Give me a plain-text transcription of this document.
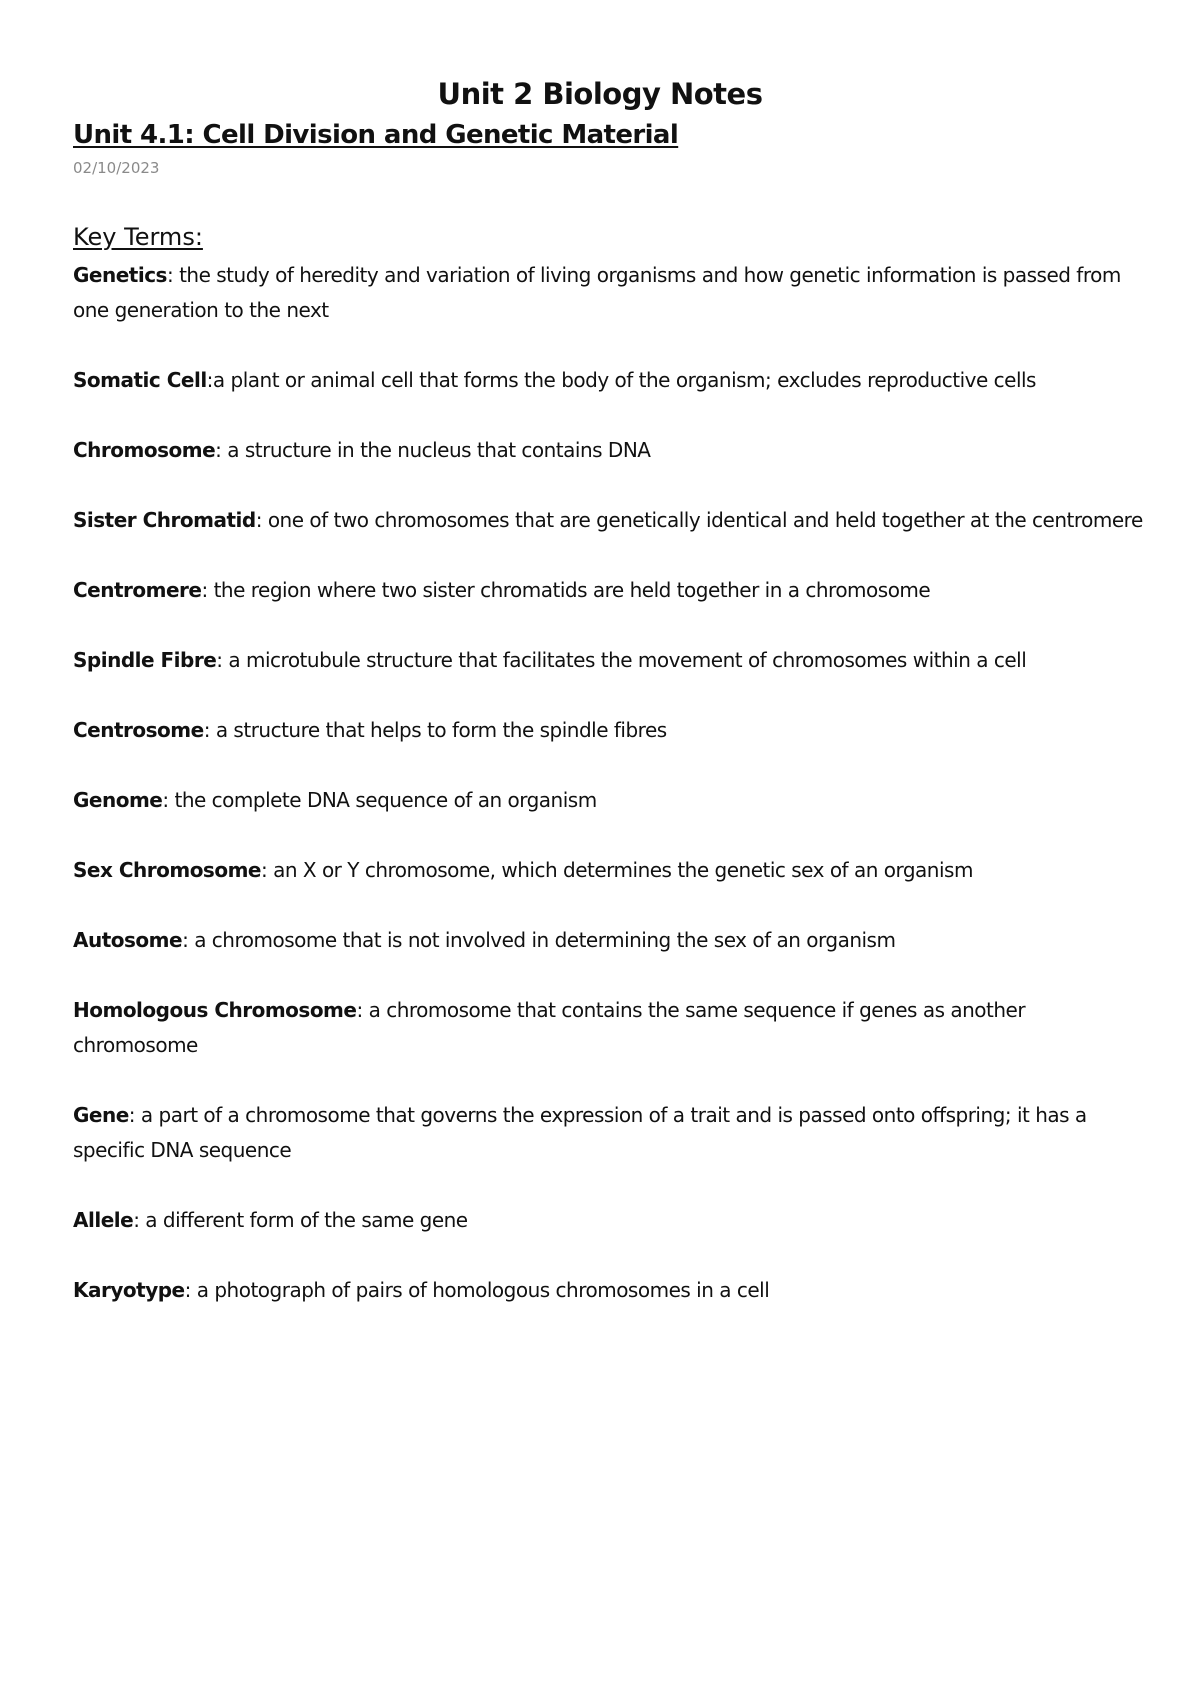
Unit 2 Biology Notes
Unit 4.1: Cell Division and Genetic Material

02/10/2023

Key Terms:
Genetics: the study of heredity and variation of living organisms and how genetic information is passed from one generation to the next
Somatic Cell:a plant or animal cell that forms the body of the organism; excludes reproductive cells
Chromosome: a structure in the nucleus that contains DNA
Sister Chromatid: one of two chromosomes that are genetically identical and held together at the centromere
Centromere: the region where two sister chromatids are held together in a chromosome
Spindle Fibre: a microtubule structure that facilitates the movement of chromosomes within a cell
Centrosome: a structure that helps to form the spindle fibres
Genome: the complete DNA sequence of an organism
Sex Chromosome: an X or Y chromosome, which determines the genetic sex of an organism
Autosome: a chromosome that is not involved in determining the sex of an organism
Homologous Chromosome: a chromosome that contains the same sequence if genes as another chromosome
Gene: a part of a chromosome that governs the expression of a trait and is passed onto offspring; it has a specific DNA sequence
Allele: a different form of the same gene
Karyotype: a photograph of pairs of homologous chromosomes in a cell
